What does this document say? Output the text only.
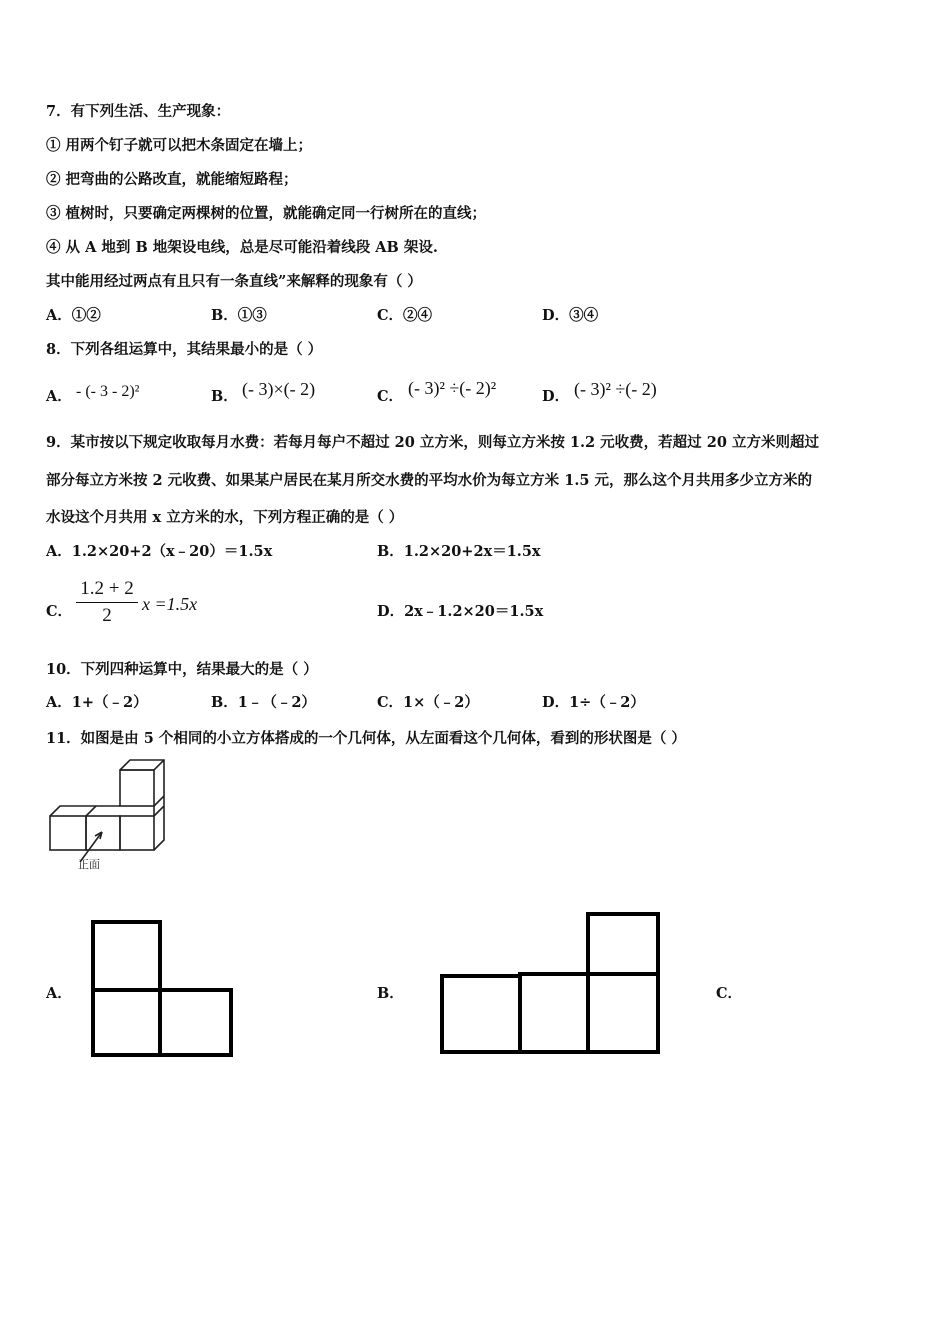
7．有下列生活、生产现象：
① 用两个钉子就可以把木条固定在墙上；
② 把弯曲的公路改直，就能缩短路程；
③ 植树时，只要确定两棵树的位置，就能确定同一行树所在的直线；
④ 从 A 地到 B 地架设电线，总是尽可能沿着线段 AB 架设.
其中能用经过两点有且只有一条直线”来解释的现象有（ ）
A．①②	B．①③	C．②④	D．③④
8．下列各组运算中，其结果最小的是（ ）
A． - (- 3 - 2)²	B． (- 3)×(- 2)	C． (- 3)² ÷(- 2)²	D． (- 3)² ÷(- 2)
9．某市按以下规定收取每月水费：若每月每户不超过 20 立方米，则每立方米按 1.2 元收费，若超过 20 立方米则超过
部分每立方米按 2 元收费、如果某户居民在某月所交水费的平均水价为每立方米 1.5 元，那么这个月共用多少立方米的
水设这个月共用 x 立方米的水，下列方程正确的是（ ）
A．1.2×20+2（x﹣20）＝1.5x	B．1.2×20+2x＝1.5x
C． $\frac{1.2 + 2}{2}$ x =1.5x	D．2x﹣1.2×20＝1.5x
10．下列四种运算中，结果最大的是（ ）
A．1+（﹣2）	B．1﹣（﹣2）	C．1×（﹣2）	D．1÷（﹣2）
11．如图是由 5 个相同的小立方体搭成的一个几何体，从左面看这个几何体，看到的形状图是（ ）
正面
A．	B．	C．
